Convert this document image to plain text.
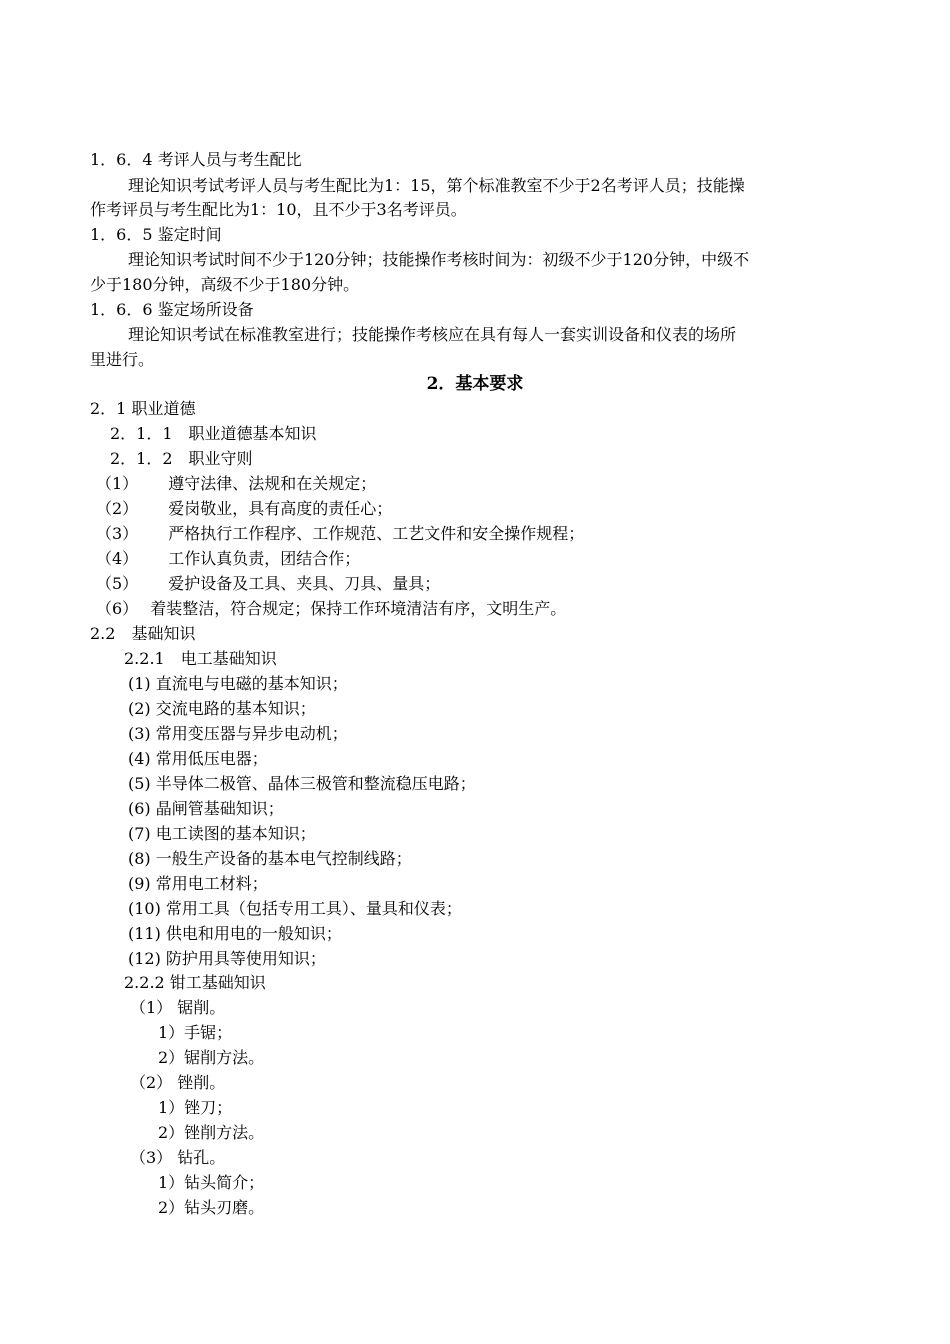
1．6．4 考评人员与考生配比
理论知识考试考评人员与考生配比为1：15，第个标准教室不少于2名考评人员；技能操
作考评员与考生配比为1：10，且不少于3名考评员。
1．6．5 鉴定时间
理论知识考试时间不少于120分钟；技能操作考核时间为：初级不少于120分钟，中级不
少于180分钟，高级不少于180分钟。
1．6．6 鉴定场所设备
理论知识考试在标准教室进行；技能操作考核应在具有每人一套实训设备和仪表的场所
里进行。
2．基本要求
2．1 职业道德
2．1．1　职业道德基本知识
2．1．2　职业守则
（1） 遵守法律、法规和在关规定；
（2） 爱岗敬业，具有高度的责任心；
（3） 严格执行工作程序、工作规范、工艺文件和安全操作规程；
（4） 工作认真负责，团结合作；
（5） 爱护设备及工具、夹具、刀具、量具；
（6） 着装整洁，符合规定；保持工作环境清洁有序，文明生产。
2.2　基础知识
2.2.1　电工基础知识
(1) 直流电与电磁的基本知识；
(2) 交流电路的基本知识；
(3) 常用变压器与异步电动机；
(4) 常用低压电器；
(5) 半导体二极管、晶体三极管和整流稳压电路；
(6) 晶闸管基础知识；
(7) 电工读图的基本知识；
(8) 一般生产设备的基本电气控制线路；
(9) 常用电工材料；
(10) 常用工具（包括专用工具）、量具和仪表；
(11) 供电和用电的一般知识；
(12) 防护用具等使用知识；
2.2.2 钳工基础知识
（1） 锯削。
1）手锯；
2）锯削方法。
（2） 锉削。
1）锉刀；
2）锉削方法。
（3） 钻孔。
1）钻头简介；
2）钻头刃磨。
